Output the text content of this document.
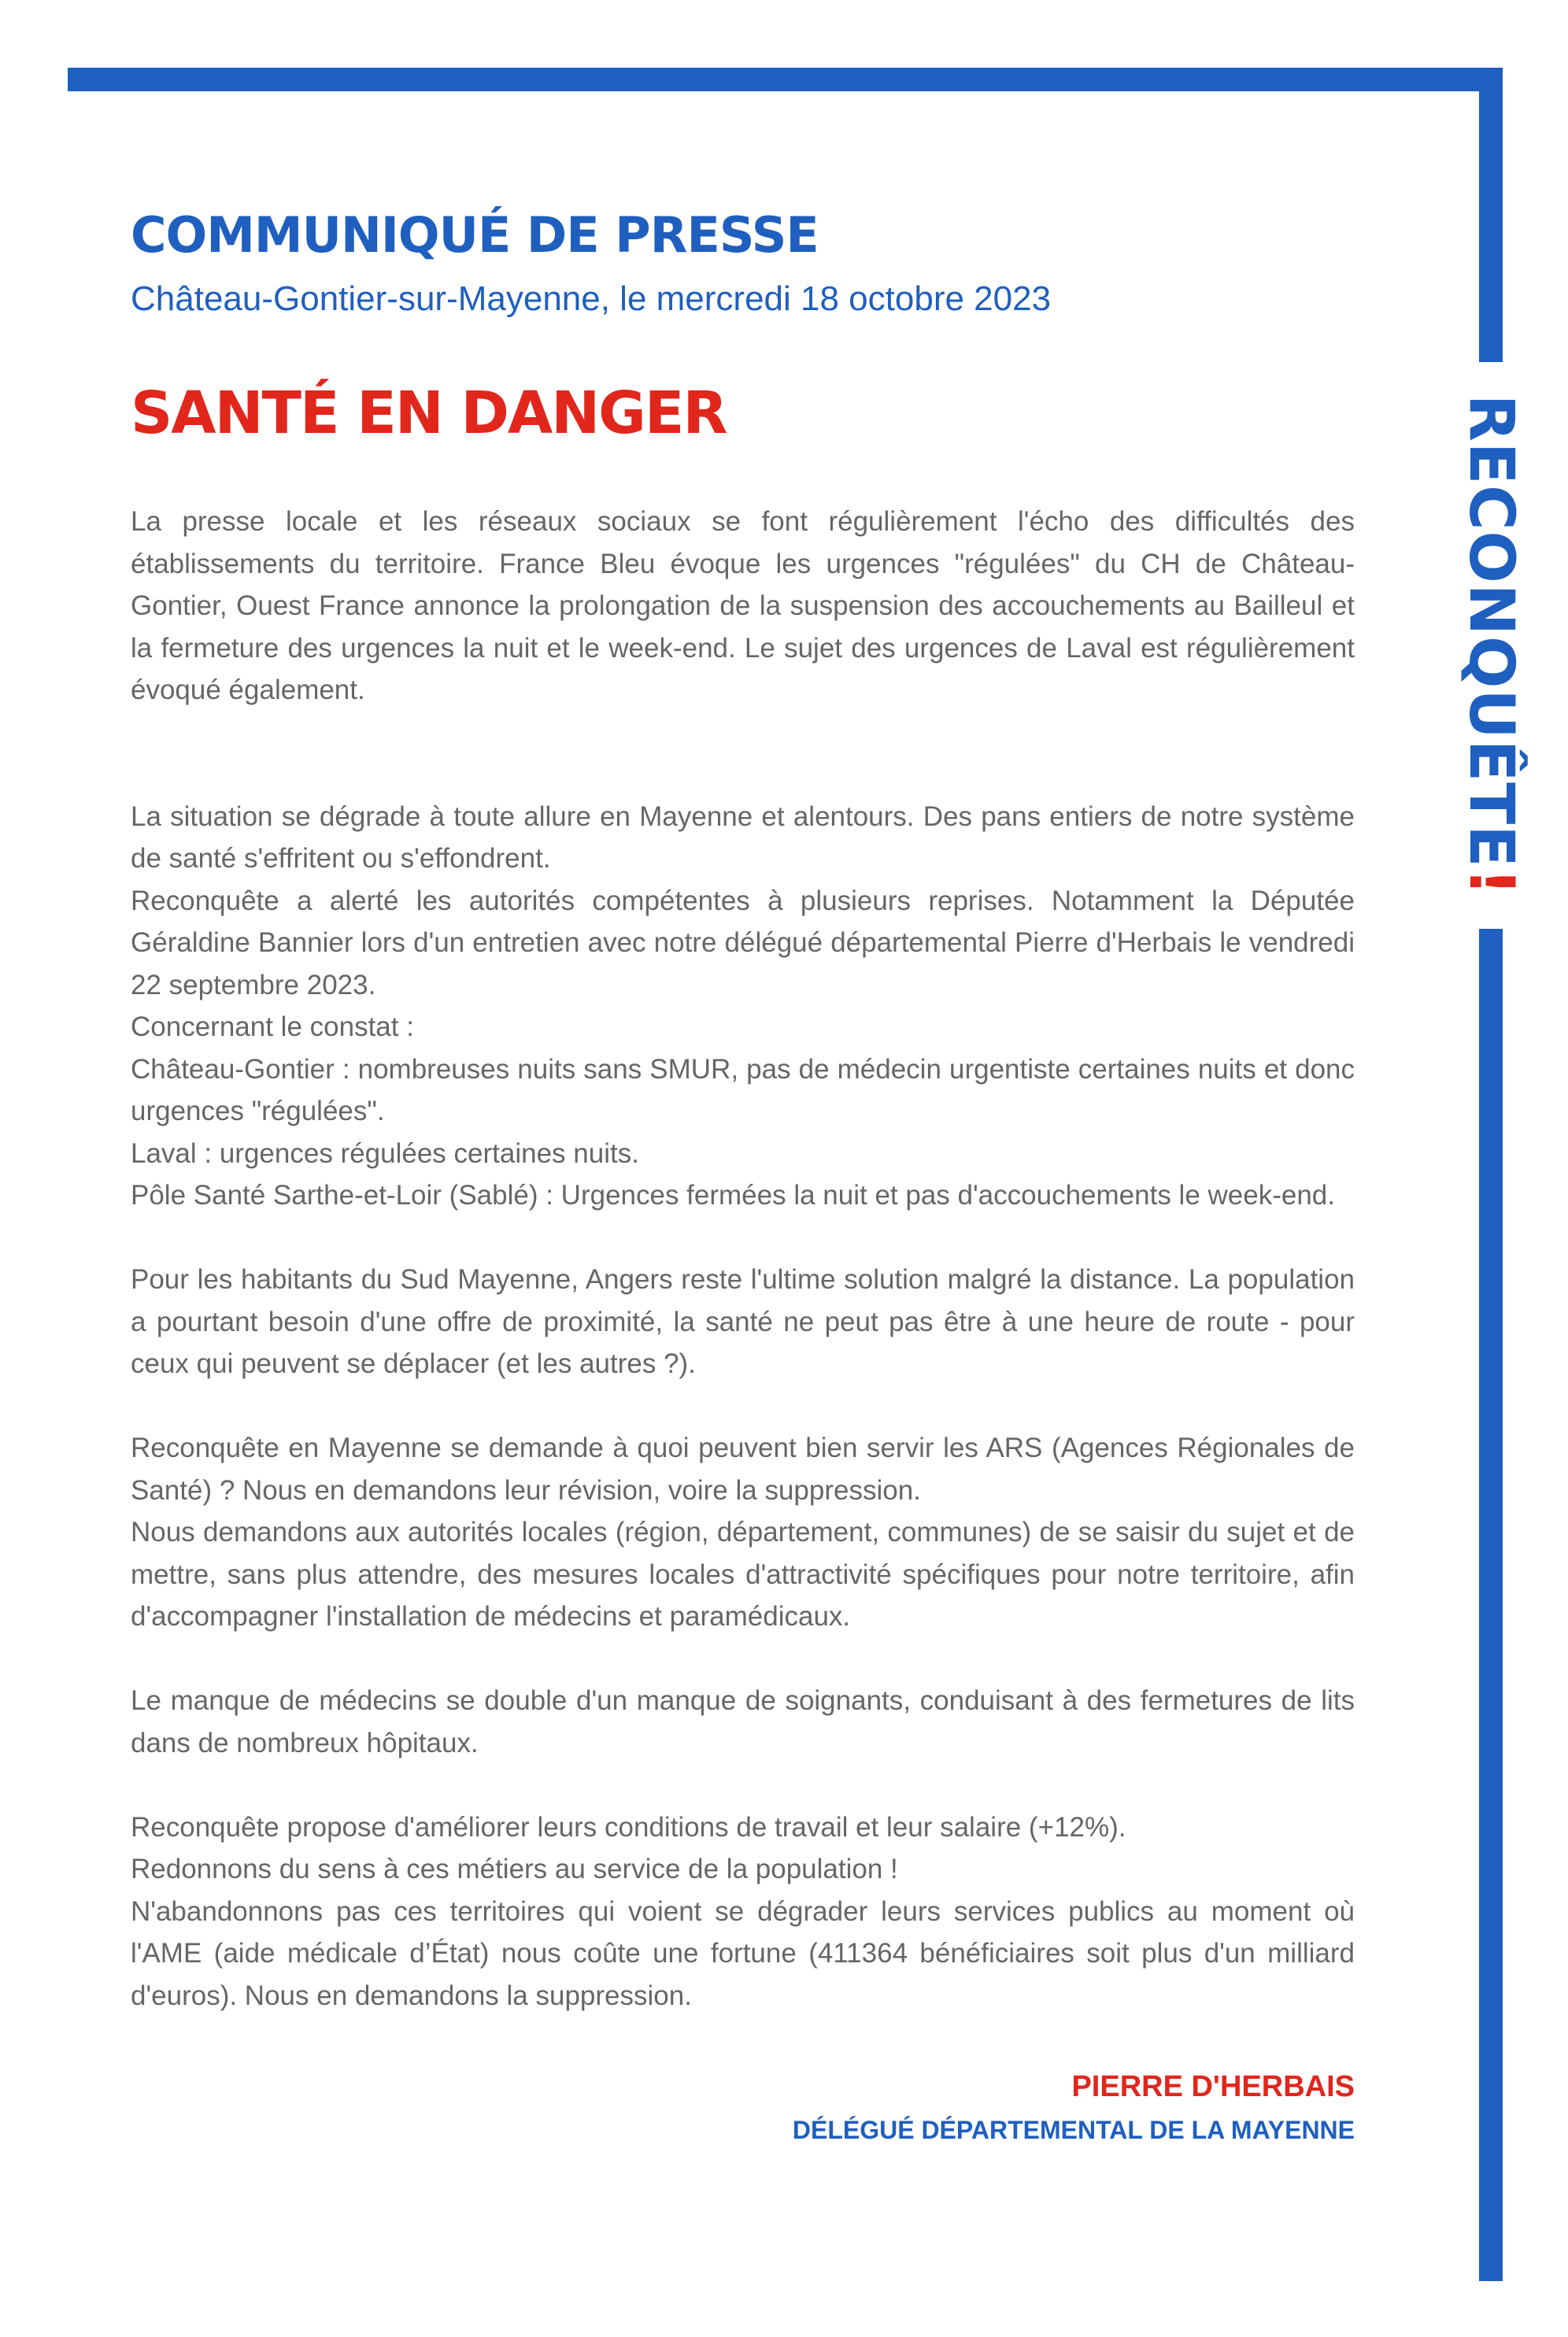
RECONQUÊTE!
COMMUNIQUÉ DE PRESSE
Château-Gontier-sur-Mayenne, le mercredi 18 octobre 2023
SANTÉ EN DANGER

La presse locale et les réseaux sociaux se font régulièrement l'écho des difficultés des établissements du territoire. France Bleu évoque les urgences "régulées" du CH de Château-Gontier, Ouest France annonce la prolongation de la suspension des accouchements au Bailleul et la fermeture des urgences la nuit et le week-end. Le sujet des urgences de Laval est régulièrement évoqué également.

La situation se dégrade à toute allure en Mayenne et alentours. Des pans entiers de notre système de santé s'effritent ou s'effondrent.

Reconquête a alerté les autorités compétentes à plusieurs reprises. Notamment la Députée Géraldine Bannier lors d'un entretien avec notre délégué départemental Pierre d'Herbais le vendredi 22 septembre 2023.

Concernant le constat :

Château-Gontier : nombreuses nuits sans SMUR, pas de médecin urgentiste certaines nuits et donc urgences "régulées".

Laval : urgences régulées certaines nuits.

Pôle Santé Sarthe-et-Loir (Sablé) : Urgences fermées la nuit et pas d'accouchements le week-end.

Pour les habitants du Sud Mayenne, Angers reste l'ultime solution malgré la distance. La population a pourtant besoin d'une offre de proximité, la santé ne peut pas être à une heure de route - pour ceux qui peuvent se déplacer (et les autres ?).

Reconquête en Mayenne se demande à quoi peuvent bien servir les ARS (Agences Régionales de Santé) ? Nous en demandons leur révision, voire la suppression.

Nous demandons aux autorités locales (région, département, communes) de se saisir du sujet et de mettre, sans plus attendre, des mesures locales d'attractivité spécifiques pour notre territoire, afin d'accompagner l'installation de médecins et paramédicaux.

Le manque de médecins se double d'un manque de soignants, conduisant à des fermetures de lits dans de nombreux hôpitaux.

Reconquête propose d'améliorer leurs conditions de travail et leur salaire (+12%).

Redonnons du sens à ces métiers au service de la population !

N'abandonnons pas ces territoires qui voient se dégrader leurs services publics au moment où l'AME (aide médicale d’État) nous coûte une fortune (411364 bénéficiaires soit plus d'un milliard d'euros). Nous en demandons la suppression.

PIERRE D'HERBAIS
DÉLÉGUÉ DÉPARTEMENTAL DE LA MAYENNE
